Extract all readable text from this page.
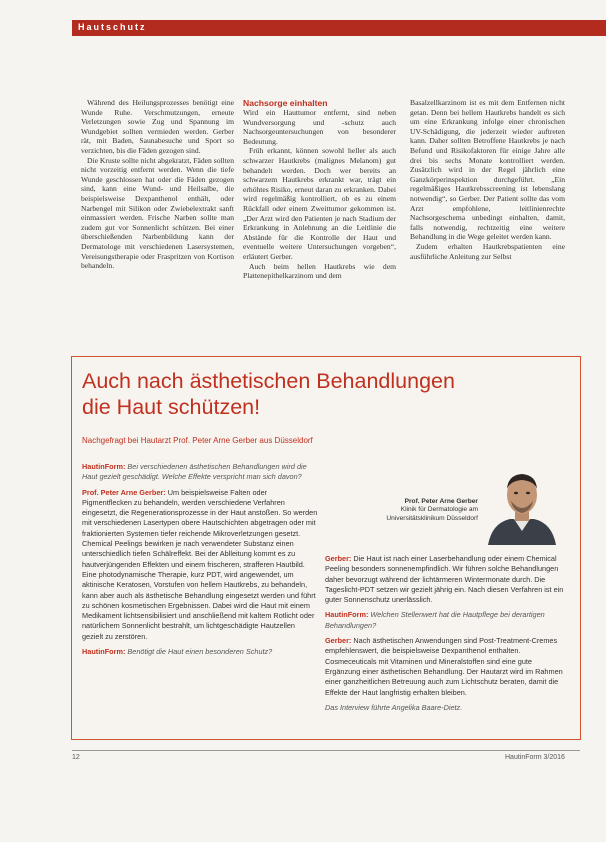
Hautschutz

Während des Heilungsprozesses benötigt eine Wunde Ruhe. Verschmutzungen, erneute Verletzungen sowie Zug und Spannung im Wundgebiet sollten vermieden werden. Gerber rät, mit Baden, Saunabesuche und Sport so verzichten, bis die Fäden gezogen sind.

Die Kruste sollte nicht abgekratzt, Fäden sollten nicht vorzeitig entfernt werden. Wenn die tiefe Wunde geschlossen hat oder die Fäden gezogen sind, kann eine Wund- und Heilsalbe, die beispielsweise Dexpanthenol enthält, oder Narbengel mit Silikon oder Zwiebelextrakt sanft einmassiert werden. Frische Narben sollte man zudem gut vor Sonnenlicht schützen. Bei einer überschießenden Narbenbildung kann der Dermatologe mit verschiedenen Lasersystemen, Vereisungstherapie oder Fraspritzen von Kortison behandeln.

Nachsorge einhalten

Wird ein Hauttumor entfernt, sind neben Wundversorgung und -schutz auch Nachsorgeuntersuchungen von besonderer Bedeutung.

Früh erkannt, können sowohl heller als auch schwarzer Hautkrebs (malignes Melanom) gut behandelt werden. Doch wer bereits an schwarzem Hautkrebs erkrankt war, trägt ein erhöhtes Risiko, erneut daran zu erkranken. Dabei wird regelmäßig kontrolliert, ob es zu einem Rückfall oder einem Zweittumor gekommen ist. „Der Arzt wird den Patienten je nach Stadium der Erkrankung in Anlehnung an die Leitlinie die Abstände für die Kontrolle der Haut und eventuelle weitere Untersuchungen vorgeben“, erläutert Gerber.

Auch beim hellen Hautkrebs wie dem Plattenepithelkarzinom und dem

Basalzellkarzinom ist es mit dem Entfernen nicht getan. Denn bei hellem Hautkrebs handelt es sich um eine Erkrankung infolge einer chronischen UV-Schädigung, die jederzeit wieder auftreten kann. Daher sollten Betroffene Hautkrebs je nach Befund und Risikofaktoren für einige Jahre alle drei bis sechs Monate kontrolliert werden. Zusätzlich wird in der Regel jährlich eine Ganzkörperinspektion durchgeführt. „Ein regelmäßiges Hautkrebsscreening ist lebenslang notwendig“, so Gerber. Der Patient sollte das vom Arzt empfohlene, leitlinienrechte Nachsorgeschema unbedingt einhalten, damit, falls notwendig, rechtzeitig eine weitere Behandlung in die Wege geleitet werden kann.

Zudem erhalten Hautkrebspatienten eine ausführliche Anleitung zur Selbst

Auch nach ästhetischen Behandlungen
die Haut schützen!
Nachgefragt bei Hautarzt Prof. Peter Arne Gerber aus Düsseldorf
Prof. Peter Arne Gerber
Klinik für Dermatologie am
Universitätsklinikum Düsseldorf

HautinForm: Bei verschiedenen ästhetischen Behandlungen wird die Haut gezielt geschädigt. Welche Effekte verspricht man sich davon?

Prof. Peter Arne Gerber: Um beispielsweise Falten oder Pigmentflecken zu behandeln, werden verschiedene Verfahren eingesetzt, die Regenerationsprozesse in der Haut anstoßen. So werden mit verschiedenen Lasertypen obere Hautschichten abgetragen oder mit fraktionierten Systemen tiefer reichende Mikroverletzungen gesetzt. Chemical Peelings bewirken je nach verwendeter Substanz einen unterschiedlich tiefen Schälreffekt. Bei der Ablleitung kommt es zu hautverjüngenden Effekten und einem frischeren, strafferen Hautbild. Eine photodynamische Therapie, kurz PDT, wird angewendet, um aktinische Keratosen, Vorstufen von hellem Hautkrebs, zu behandeln, kann aber auch als ästhetische Behandlung eingesetzt werden und führt zu schönen kosmetischen Ergebnissen. Dabei wird die Haut mit einem Medikament lichtsensibilisiert und anschließend mit kaltem Rotlicht oder natürlichem Sonnenlicht bestrahlt, um lichtgeschädigte Hautzellen gezielt zu zerstören.

HautinForm: Benötigt die Haut einen besonderen Schutz?

Gerber: Die Haut ist nach einer Laserbehandlung oder einem Chemical Peeling besonders sonnenempfindlich. Wir führen solche Behandlungen daher bevorzugt während der lichtärmeren Wintermonate durch. Die Tageslicht-PDT setzen wir gezielt jährig ein. Nach diesen Verfahren ist ein guter Sonnenschutz unerlässlich.

HautinForm: Welchen Stellenwert hat die Hautpflege bei derartigen Behandlungen?

Gerber: Nach ästhetischen Anwendungen sind Post-Treatment-Cremes empfehlenswert, die beispielsweise Dexpanthenol enthalten. Cosmeceuticals mit Vitaminen und Mineralstoffen sind eine gute Ergänzung einer ästhetischen Behandlung. Der Hautarzt wird im Rahmen einer ganzheitlichen Betreuung auch zum Lichtschutz beraten, damit die Effekte der Haut langfristig erhalten bleiben.

Das Interview führte Angelika Baare-Dietz.

12	HautinForm 3/2016
